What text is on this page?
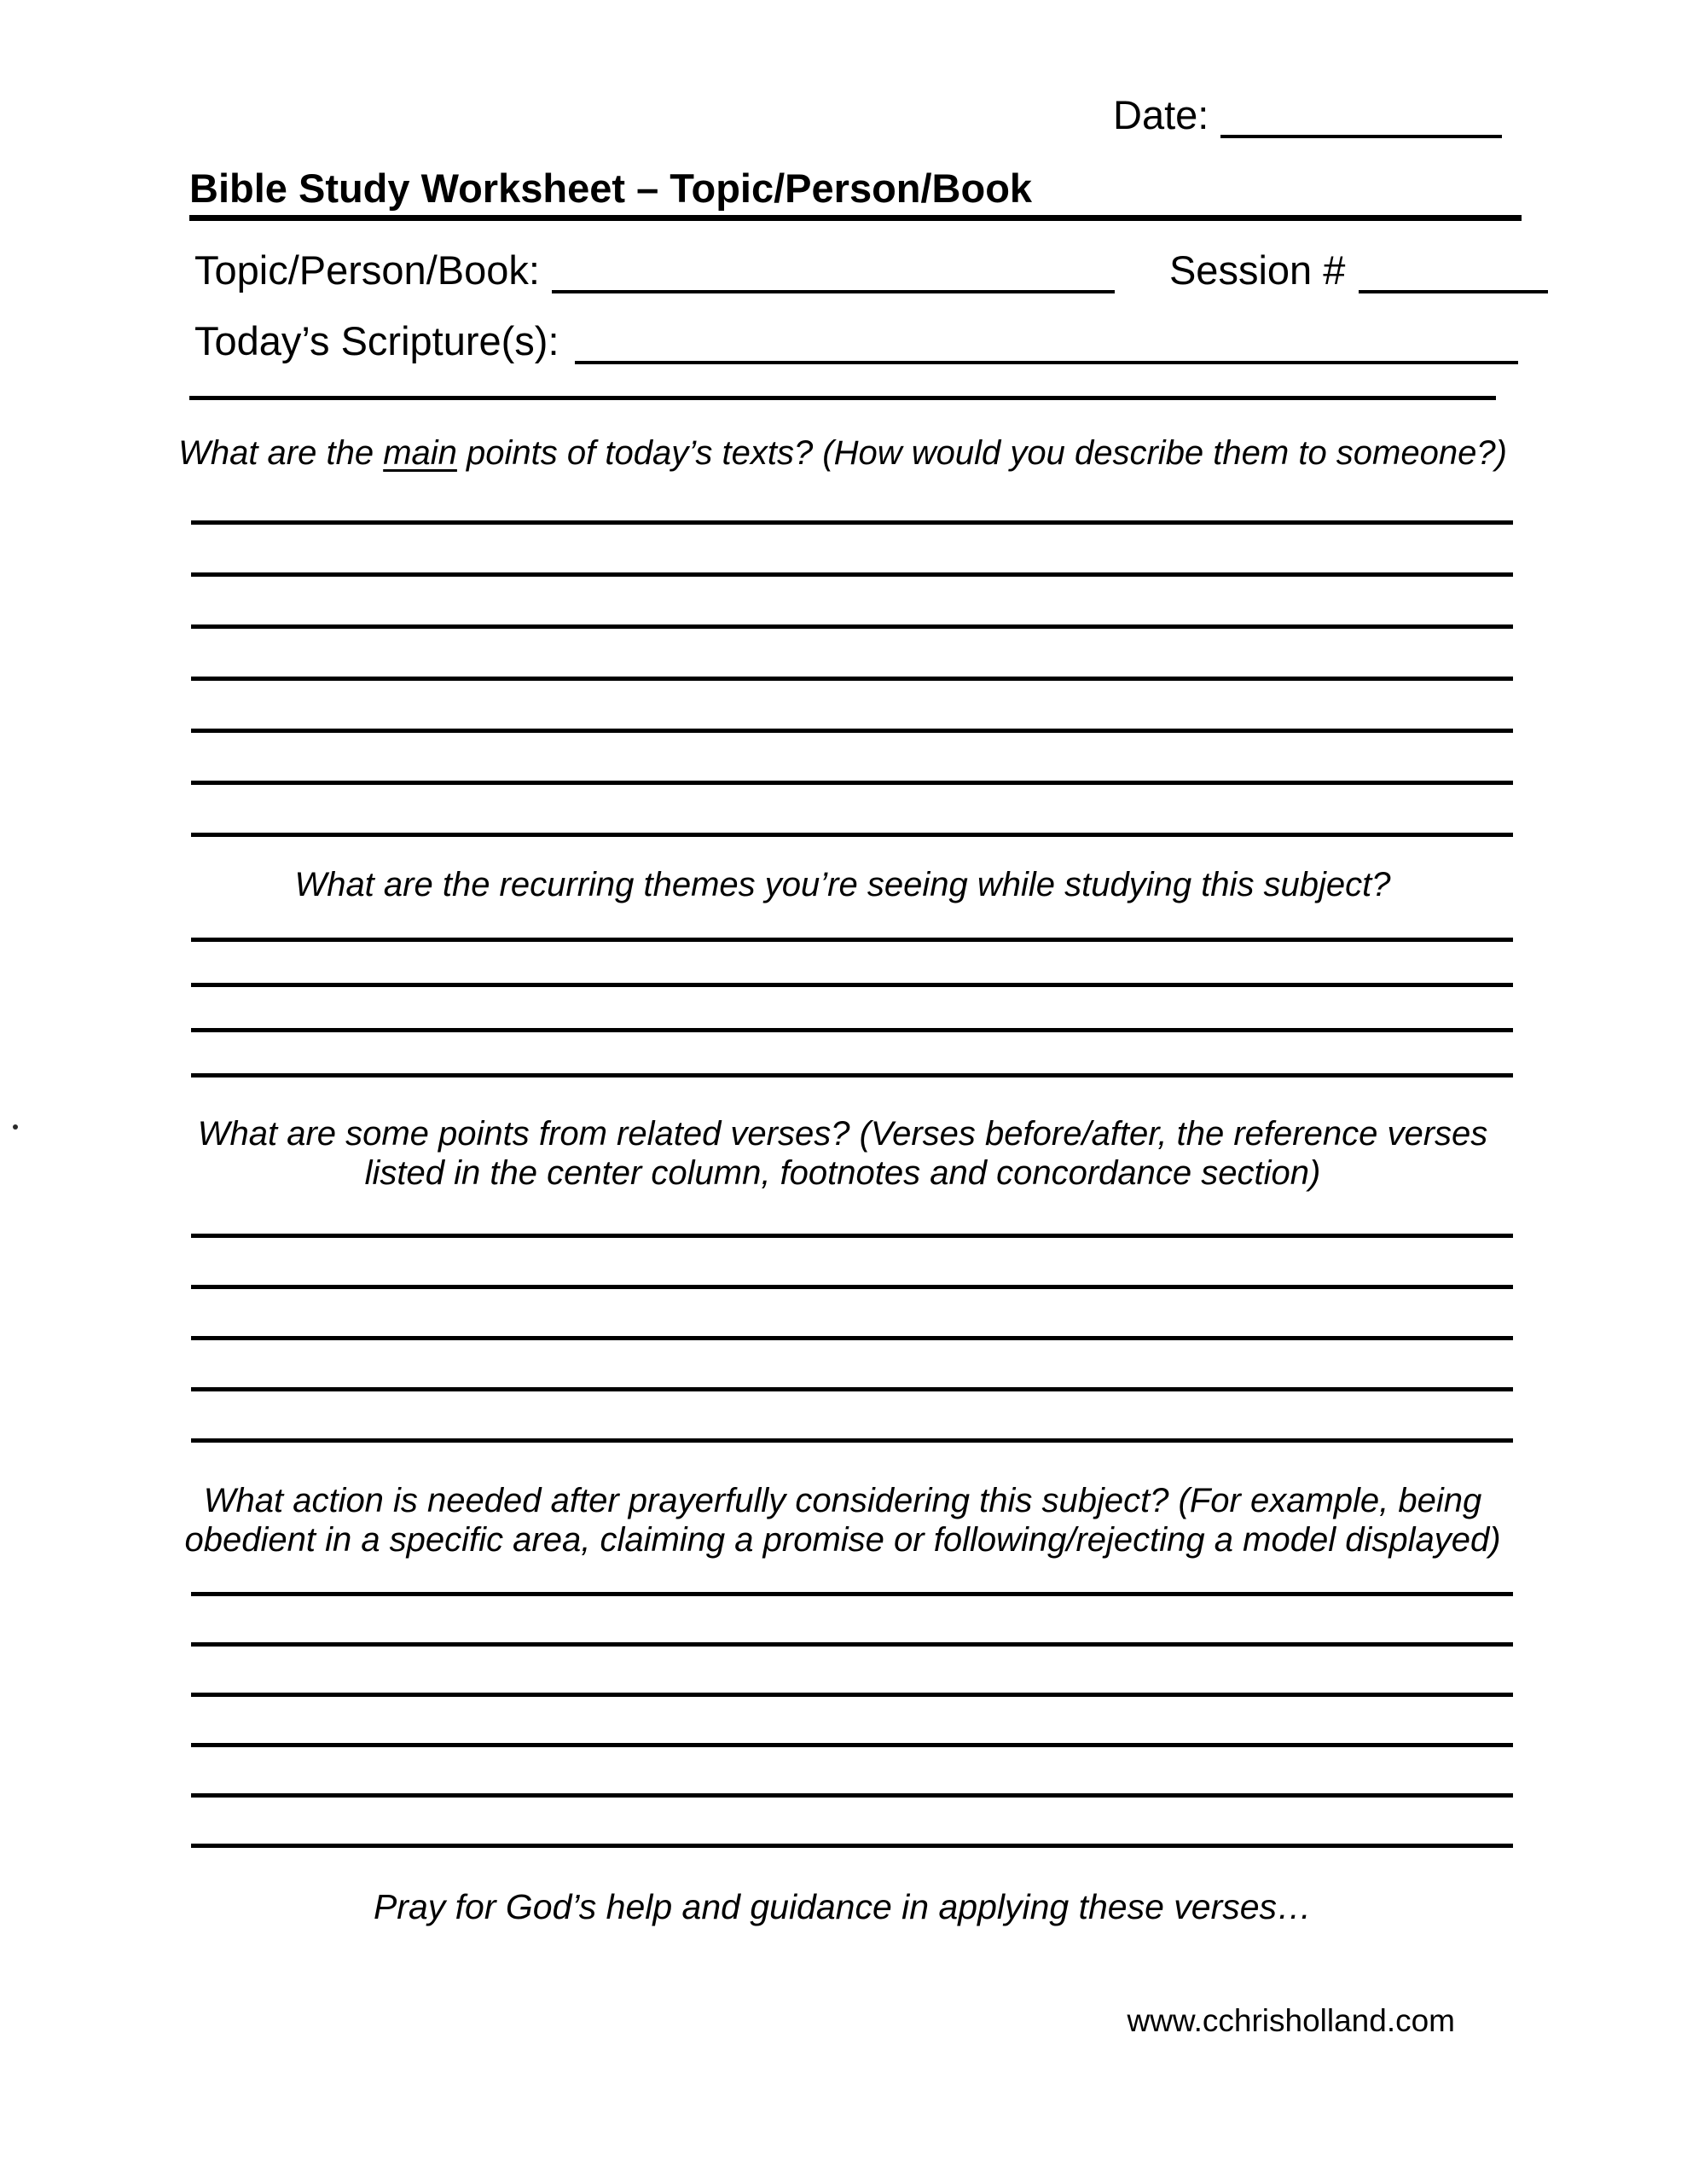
Date:
Bible Study Worksheet – Topic/Person/Book
Topic/Person/Book:	Session #
Today’s Scripture(s):
What are the main points of today’s texts? (How would you describe them to someone?)
What are the recurring themes you’re seeing while studying this subject?
What are some points from related verses? (Verses before/after, the reference verses listed in the center column, footnotes and concordance section)
What action is needed after prayerfully considering this subject? (For example, being obedient in a specific area, claiming a promise or following/rejecting a model displayed)
Pray for God’s help and guidance in applying these verses…
www.cchrisholland.com
